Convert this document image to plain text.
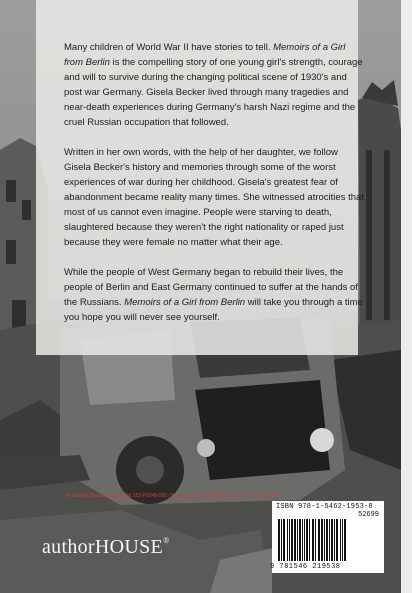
Many children of World War II have stories to tell. Memoirs of a Girl from Berlin is the compelling story of one young girl's strength, courage and will to survive during the changing political scene of 1930's and post war Germany. Gisela Becker lived through many tragedies and near-death experiences during Germany's harsh Nazi regime and the cruel Russian occupation that followed.

Written in her own words, with the help of her daughter, we follow Gisela Becker's history and memories through some of the worst experiences of war during her childhood. Gisela's greatest fear of abandonment became reality many times. She witnessed atrocities that most of us cannot even imagine. People were starving to death, slaughtered because they weren't the right nationality or raped just because they were female no matter what their age.

While the people of West Germany began to rebuild their lives, the people of Berlin and East Germany continued to suffer at the hands of the Russians. Memoirs of a Girl from Berlin will take you through a time you hope you will never see yourself.

Picture By Bundesarchiv, Bild 183-P0548-505 / Brunner, Carl / CC-BY-SA 3.0, CC BY-SA 3.0 de
ISBN 978-1-5462-1953-8
52699
9 781546 219538
authorHOUSE®
